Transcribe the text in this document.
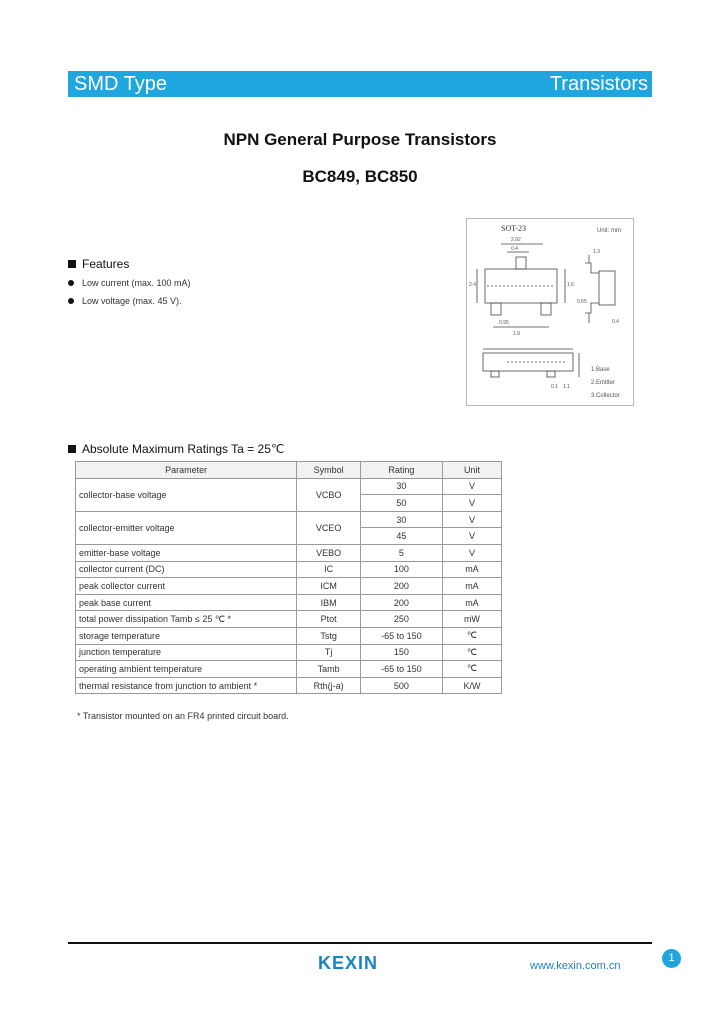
SMD Type	Transistors
NPN General Purpose Transistors
BC849, BC850
Features
Low current (max. 100 mA)
Low voltage (max. 45 V).
SOT-23	Unit: mm
2.92
0.4
2.4	1.6
0.95
1.9
1.3
0.55
0.4
0.1 1.1
1.Base
2.Emitter
3.Collector
Absolute Maximum Ratings Ta = 25℃
Parameter	Symbol	Rating	Unit
collector-base voltage	VCBO	30	V
		50	V
collector-emitter voltage	VCEO	30	V
		45	V
emitter-base voltage	VEBO	5	V
collector current (DC)	IC	100	mA
peak collector current	ICM	200	mA
peak base current	IBM	200	mA
total power dissipation Tamb ≤ 25 ℃ *	Ptot	250	mW
storage temperature	Tstg	-65 to 150	℃
junction temperature	Tj	150	℃
operating ambient temperature	Tamb	-65 to 150	℃
thermal resistance from junction to ambient *	Rth(j-a)	500	K/W
* Transistor mounted on an FR4 printed circuit board.
KEXIN	www.kexin.com.cn
1
